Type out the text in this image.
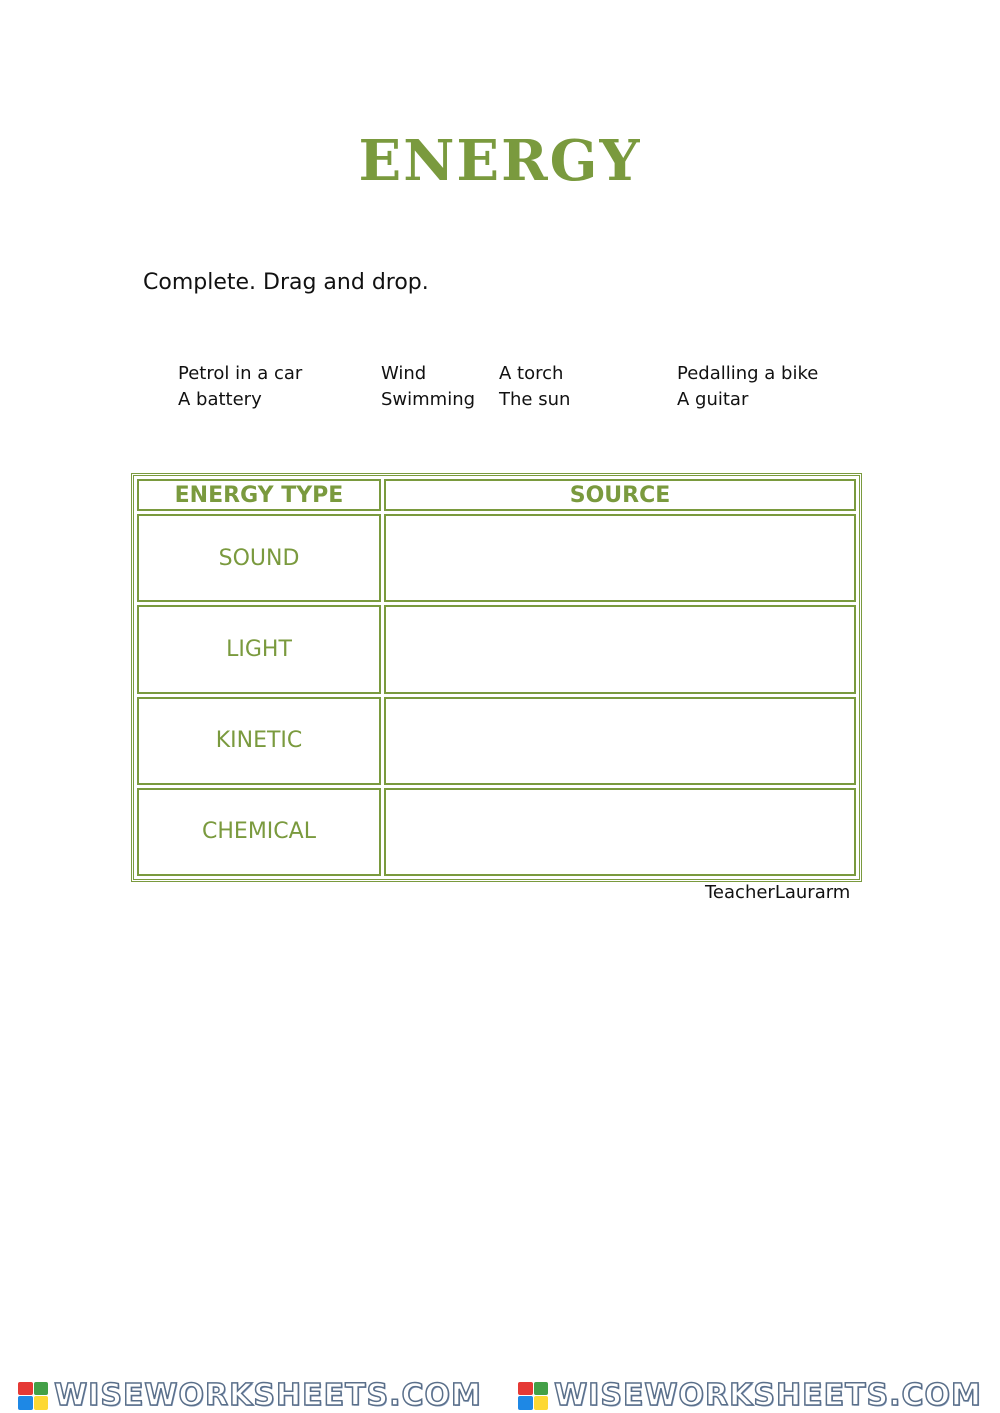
ENERGY
Complete. Drag and drop.
Petrol in a car	Wind	A torch	Pedalling a bike
A battery	Swimming The sun	A guitar
ENERGY TYPE	SOURCE
SOUND	
LIGHT	
KINETIC	
CHEMICAL	
TeacherLaurarm
WISEWORKSHEETS.COM WISEWORKSHEETS.COM
